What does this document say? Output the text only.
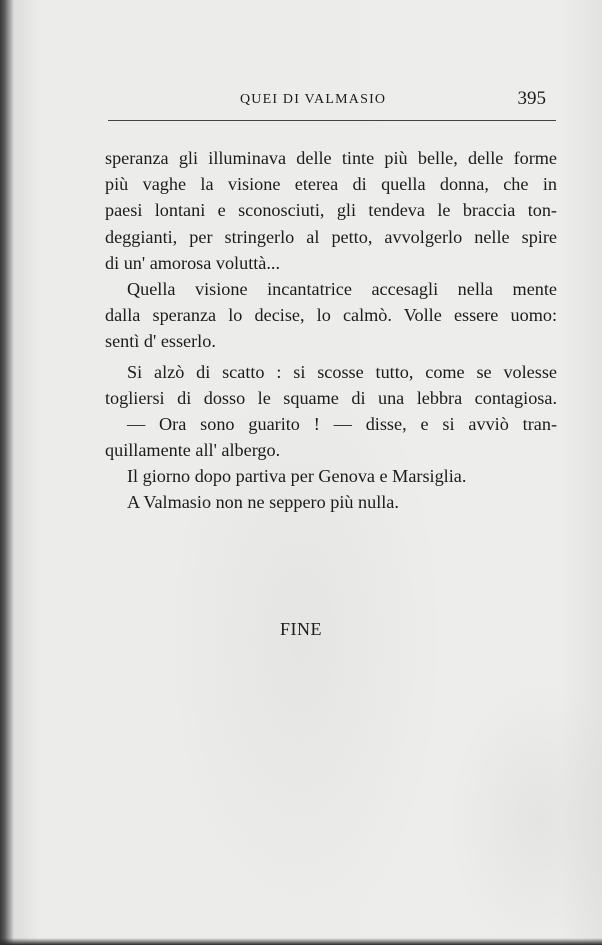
QUEI DI VALMASIO	395
speranza gli illuminava delle tinte più belle, delle forme
più vaghe la visione eterea di quella donna, che in
paesi lontani e sconosciuti, gli tendeva le braccia ton-
deggianti, per stringerlo al petto, avvolgerlo nelle spire
di un' amorosa voluttà...
Quella visione incantatrice accesagli nella mente
dalla speranza lo decise, lo calmò. Volle essere uomo:
sentì d' esserlo.
Si alzò di scatto : si scosse tutto, come se volesse
togliersi di dosso le squame di una lebbra contagiosa.
— Ora sono guarito ! — disse, e si avviò tran-
quillamente all' albergo.
Il giorno dopo partiva per Genova e Marsiglia.
A Valmasio non ne seppero più nulla.
FINE
